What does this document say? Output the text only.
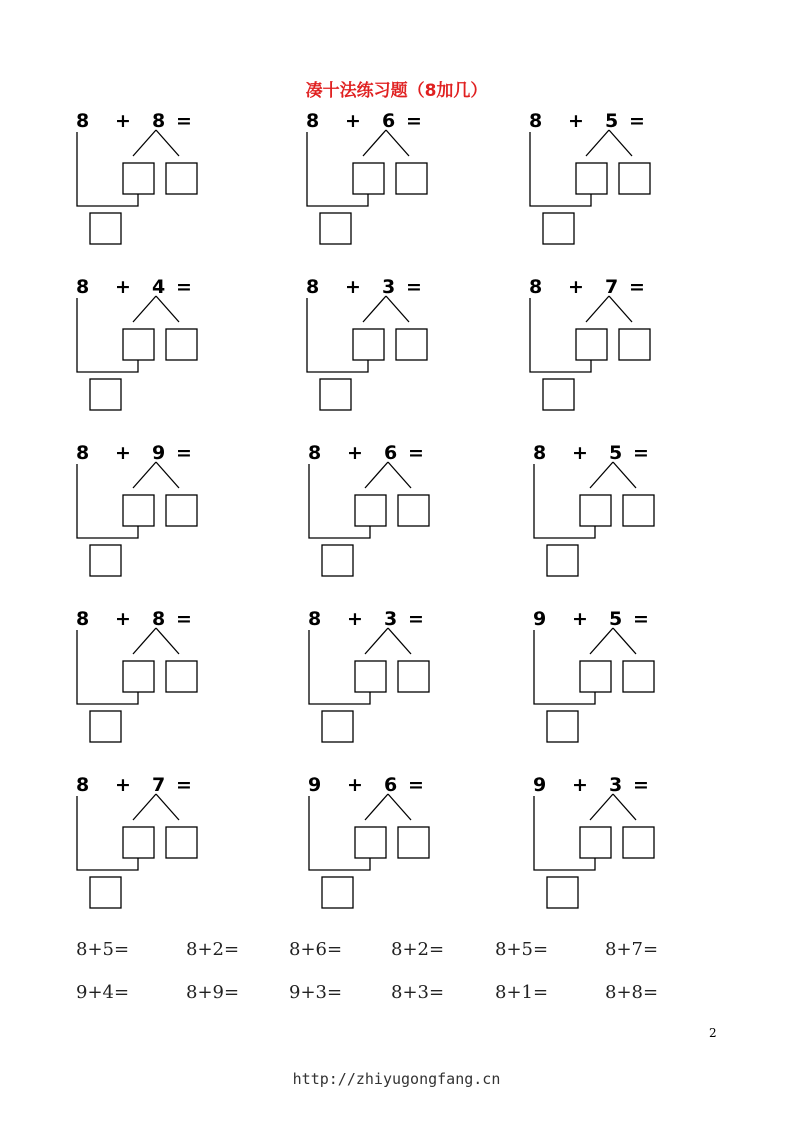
凑十法练习题（8加几）
8 + 8 =	8 + 6 =	8 + 5 =
8 + 4 =	8 + 3 =	8 + 7 =
8 + 9 =	8 + 6 =	8 + 5 =
8 + 8 =	8 + 3 =	9 + 5 =
8 + 7 =	9 + 6 =	9 + 3 =
8+5=	8+2=	8+6=	8+2=	8+5=	8+7=
9+4=	8+9=	9+3=	8+3=	8+1=	8+8=
2
http://zhiyugongfang.cn
